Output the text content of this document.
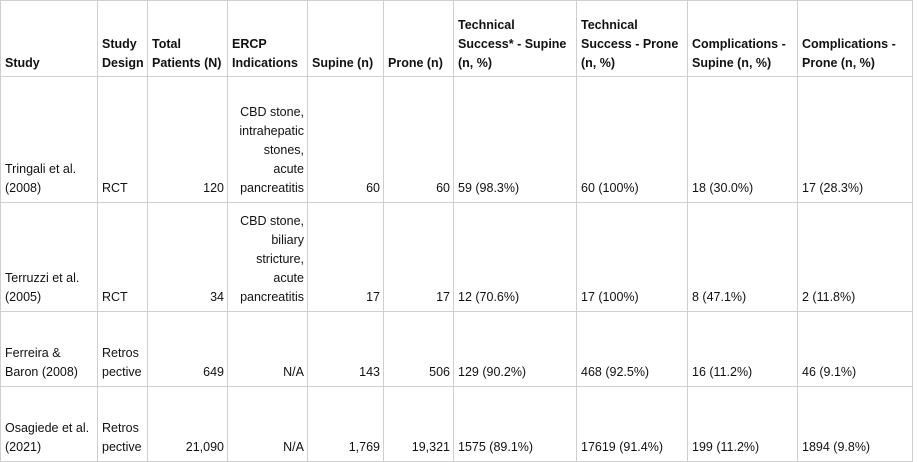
Study	Study Design	Total Patients (N)	ERCP Indications	Supine (n)	Prone (n)	Technical Success* - Supine (n, %)	Technical Success - Prone (n, %)	Complications - Supine (n, %)	Complications - Prone (n, %)
Tringali et al. (2008)	RCT	120	CBD stone, intrahepatic stones, acute pancreatitis	60	60	59 (98.3%)	60 (100%)	18 (30.0%)	17 (28.3%)
Terruzzi et al. (2005)	RCT	34	CBD stone, biliary stricture, acute pancreatitis	17	17	12 (70.6%)	17 (100%)	8 (47.1%)	2 (11.8%)
Ferreira & Baron (2008)	Retrospective	649	N/A	143	506	129 (90.2%)	468 (92.5%)	16 (11.2%)	46 (9.1%)
Osagiede et al. (2021)	Retrospective	21,090	N/A	1,769	19,321	1575 (89.1%)	17619 (91.4%)	199 (11.2%)	1894 (9.8%)
